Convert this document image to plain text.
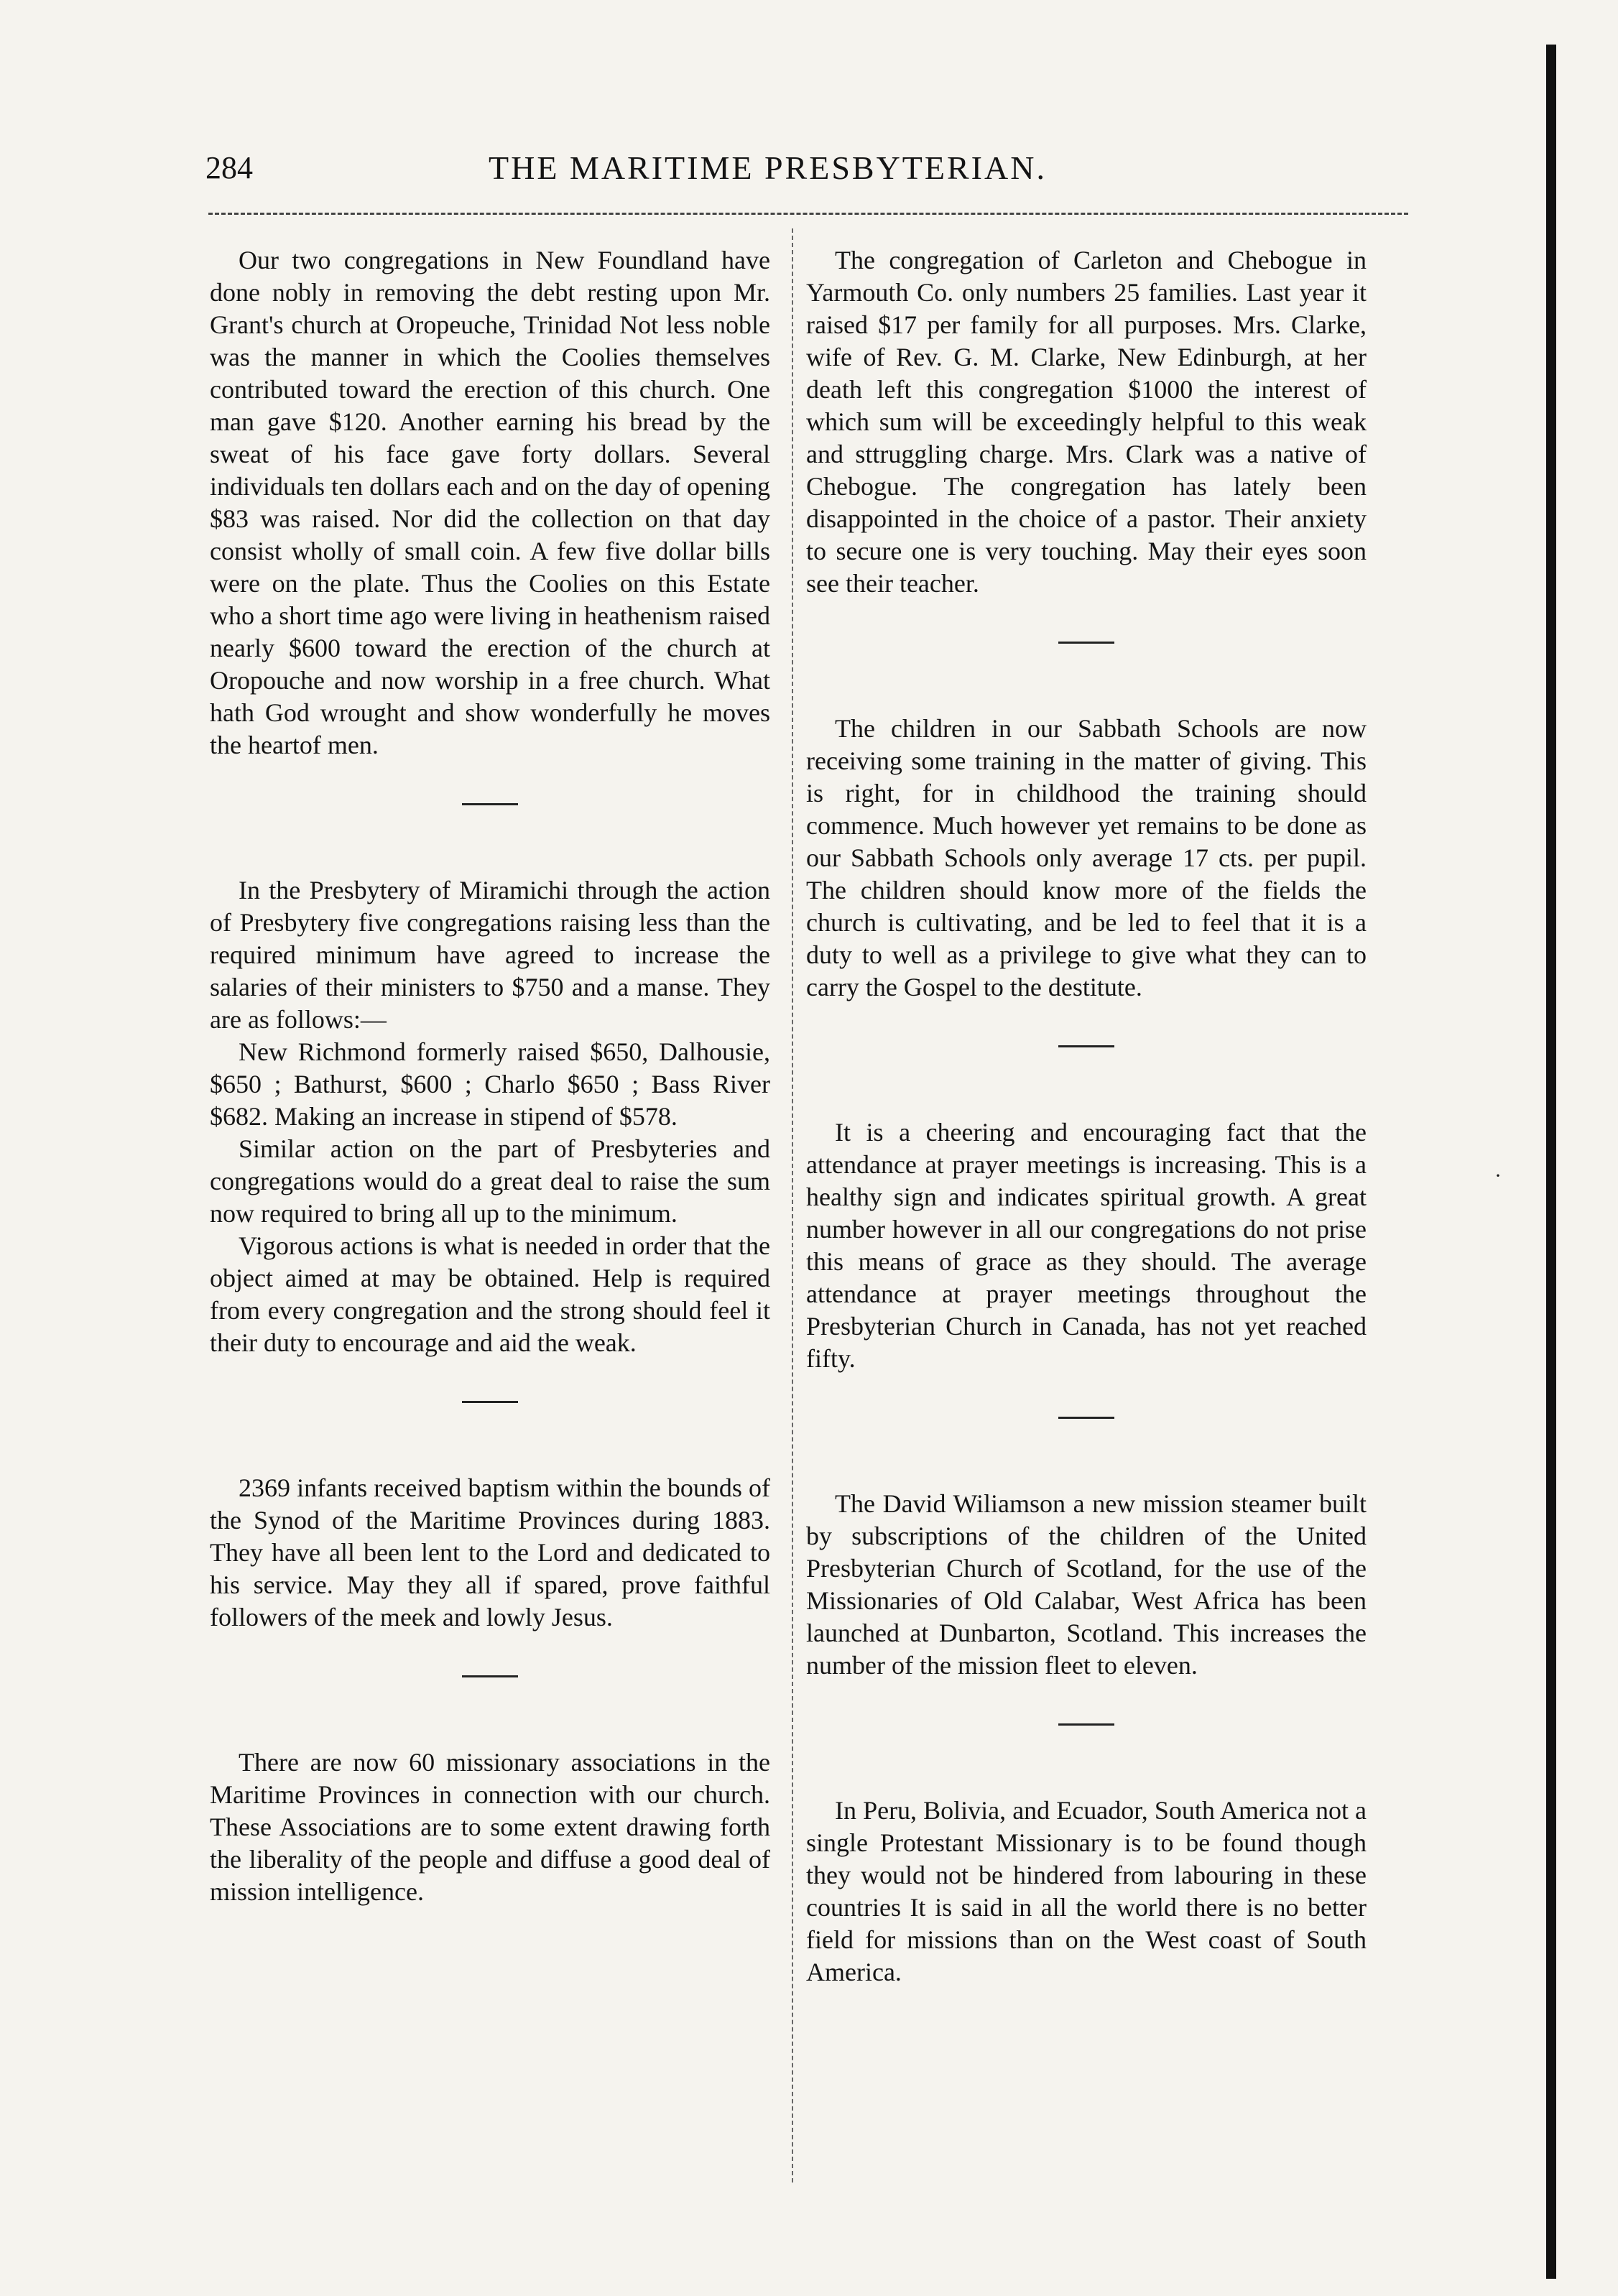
284	THE MARITIME PRESBYTERIAN.
·

Our two congregations in New Foundland have done nobly in removing the debt resting upon Mr. Grant's church at Oropeuche, Trinidad Not less noble was the manner in which the Coolies themselves contributed toward the erection of this church. One man gave $120. Another earning his bread by the sweat of his face gave forty dollars. Several individuals ten dollars each and on the day of opening $83 was raised. Nor did the collection on that day consist wholly of small coin. A few five dollar bills were on the plate. Thus the Coolies on this Estate who a short time ago were living in heathenism raised nearly $600 toward the erection of the church at Oropouche and now worship in a free church. What hath God wrought and show wonderfully he moves the heartof men.

In the Presbytery of Miramichi through the action of Presbytery five congregations raising less than the required minimum have agreed to increase the salaries of their ministers to $750 and a manse. They are as follows:—

New Richmond formerly raised $650, Dalhousie, $650 ; Bathurst, $600 ; Charlo $650 ; Bass River $682. Making an increase in stipend of $578.

Similar action on the part of Presbyteries and congregations would do a great deal to raise the sum now required to bring all up to the minimum.

Vigorous actions is what is needed in order that the object aimed at may be obtained. Help is required from every congregation and the strong should feel it their duty to encourage and aid the weak.

2369 infants received baptism within the bounds of the Synod of the Maritime Provinces during 1883. They have all been lent to the Lord and dedicated to his service. May they all if spared, prove faithful followers of the meek and lowly Jesus.

There are now 60 missionary associations in the Maritime Provinces in connection with our church. These Associations are to some extent drawing forth the liberality of the people and diffuse a good deal of mission intelligence.

The congregation of Carleton and Chebogue in Yarmouth Co. only numbers 25 families. Last year it raised $17 per family for all purposes. Mrs. Clarke, wife of Rev. G. M. Clarke, New Edinburgh, at her death left this congregation $1000 the interest of which sum will be exceedingly helpful to this weak and sttruggling charge. Mrs. Clark was a native of Chebogue. The congregation has lately been disappointed in the choice of a pastor. Their anxiety to secure one is very touching. May their eyes soon see their teacher.

The children in our Sabbath Schools are now receiving some training in the matter of giving. This is right, for in childhood the training should commence. Much however yet remains to be done as our Sabbath Schools only average 17 cts. per pupil. The children should know more of the fields the church is cultivating, and be led to feel that it is a duty to well as a privilege to give what they can to carry the Gospel to the destitute.

It is a cheering and encouraging fact that the attendance at prayer meetings is increasing. This is a healthy sign and indicates spiritual growth. A great number however in all our congregations do not prise this means of grace as they should. The average attendance at prayer meetings throughout the Presbyterian Church in Canada, has not yet reached fifty.

The David Wiliamson a new mission steamer built by subscriptions of the children of the United Presbyterian Church of Scotland, for the use of the Missionaries of Old Calabar, West Africa has been launched at Dunbarton, Scotland. This increases the number of the mission fleet to eleven.

In Peru, Bolivia, and Ecuador, South America not a single Protestant Missionary is to be found though they would not be hindered from labouring in these countries It is said in all the world there is no better field for missions than on the West coast of South America.
